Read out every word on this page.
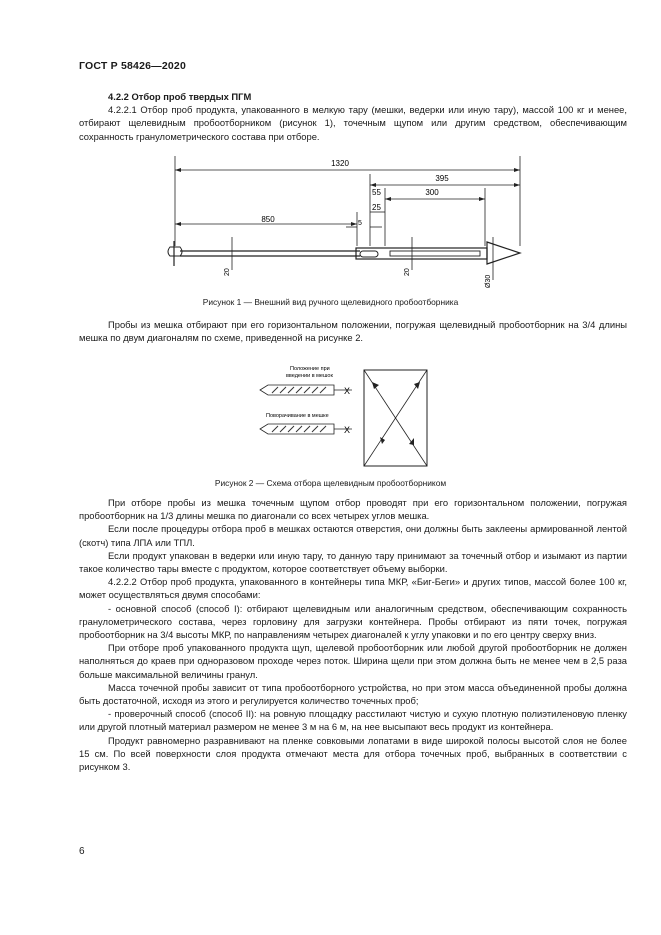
ГОСТ Р 58426—2020

4.2.2 Отбор проб твердых ПГМ

4.2.2.1 Отбор проб продукта, упакованного в мелкую тару (мешки, ведерки или иную тару), массой 100 кг и менее, отбирают щелевидным пробоотборником (рисунок 1), точечным щупом или другим средством, обеспечивающим сохранность гранулометрического состава при отборе.

1320
395
55	300
25
850	5
20	20
Ø30
Рисунок 1 — Внешний вид ручного щелевидного пробоотборника

Пробы из мешка отбирают при его горизонтальном положении, погружая щелевидный пробоотборник на 3/4 длины мешка по двум диагоналям по схеме, приведенной на рисунке 2.

Положение при
введении в мешок
Поворачивание в мешке
X
X
Рисунок 2 — Схема отбора щелевидным пробоотборником

При отборе пробы из мешка точечным щупом отбор проводят при его горизонтальном положении, погружая пробоотборник на 1/3 длины мешка по диагонали со всех четырех углов мешка.

Если после процедуры отбора проб в мешках остаются отверстия, они должны быть заклеены армированной лентой (скотч) типа ЛПА или ТПЛ.

Если продукт упакован в ведерки или иную тару, то данную тару принимают за точечный отбор и изымают из партии такое количество тары вместе с продуктом, которое соответствует объему выборки.

4.2.2.2 Отбор проб продукта, упакованного в контейнеры типа МКР, «Биг-Беги» и других типов, массой более 100 кг, может осуществляться двумя способами:

- основной способ (способ I): отбирают щелевидным или аналогичным средством, обеспечивающим сохранность гранулометрического состава, через горловину для загрузки контейнера. Пробы отбирают из пяти точек, погружая пробоотборник на 3/4 высоты МКР, по направлениям четырех диагоналей к углу упаковки и по его центру сверху вниз.

При отборе проб упакованного продукта щуп, щелевой пробоотборник или любой другой пробоотборник не должен наполняться до краев при одноразовом проходе через поток. Ширина щели при этом должна быть не менее чем в 2,5 раза больше максимальной величины гранул.

Масса точечной пробы зависит от типа пробоотборного устройства, но при этом масса объединенной пробы должна быть достаточной, исходя из этого и регулируется количество точечных проб;

- проверочный способ (способ II): на ровную площадку расстилают чистую и сухую плотную полиэтиленовую пленку или другой плотный материал размером не менее 3 м на 6 м, на нее высыпают весь продукт из контейнера.

Продукт равномерно разравнивают на пленке совковыми лопатами в виде широкой полосы высотой слоя не более 15 см. По всей поверхности слоя продукта отмечают места для отбора точечных проб, выбранных в соответствии с рисунком 3.

6
